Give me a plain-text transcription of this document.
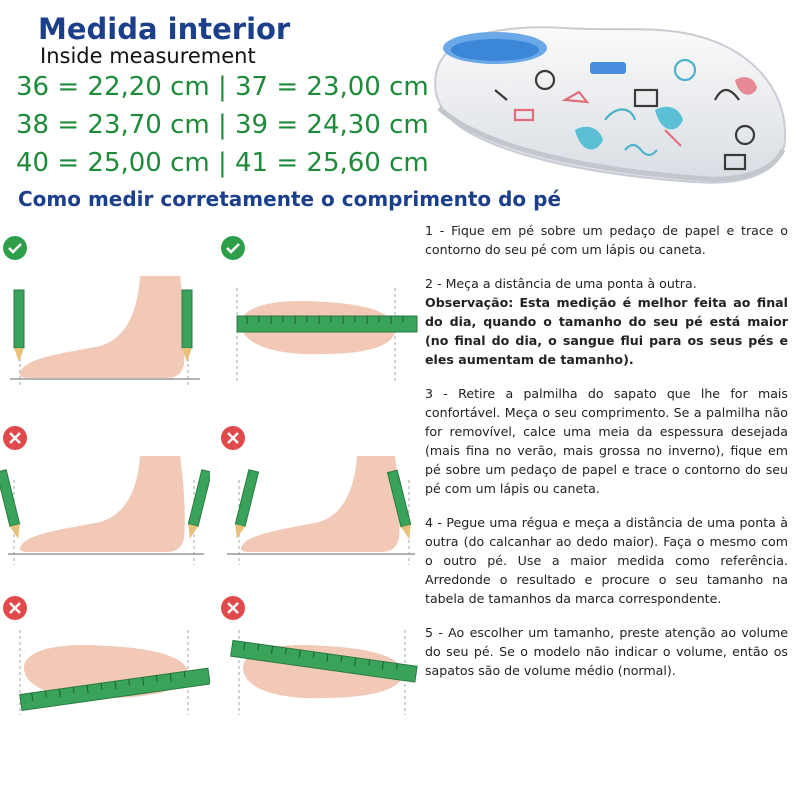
Medida interior
Inside measurement
36 = 22,20 cm | 37 = 23,00 cm
38 = 23,70 cm | 39 = 24,30 cm
40 = 25,00 cm | 41 = 25,60 cm
Como medir corretamente o comprimento do pé

1 - Fique em pé sobre um pedaço de papel e trace o contorno do seu pé com um lápis ou caneta.

2 - Meça a distância de uma ponta à outra.
Observação: Esta medição é melhor feita ao final do dia, quando o tamanho do seu pé está maior (no final do dia, o sangue flui para os seus pés e eles aumentam de tamanho).

3 - Retire a palmilha do sapato que lhe for mais confortável. Meça o seu comprimento. Se a palmilha não for removível, calce uma meia da espessura desejada (mais fina no verão, mais grossa no inverno), fique em pé sobre um pedaço de papel e trace o contorno do seu pé com um lápis ou caneta.

4 - Pegue uma régua e meça a distância de uma ponta à outra (do calcanhar ao dedo maior). Faça o mesmo com o outro pé. Use a maior medida como referência. Arredonde o resultado e procure o seu tamanho na tabela de tamanhos da marca correspondente.

5 - Ao escolher um tamanho, preste atenção ao volume do seu pé. Se o modelo não indicar o volume, então os sapatos são de volume médio (normal).
